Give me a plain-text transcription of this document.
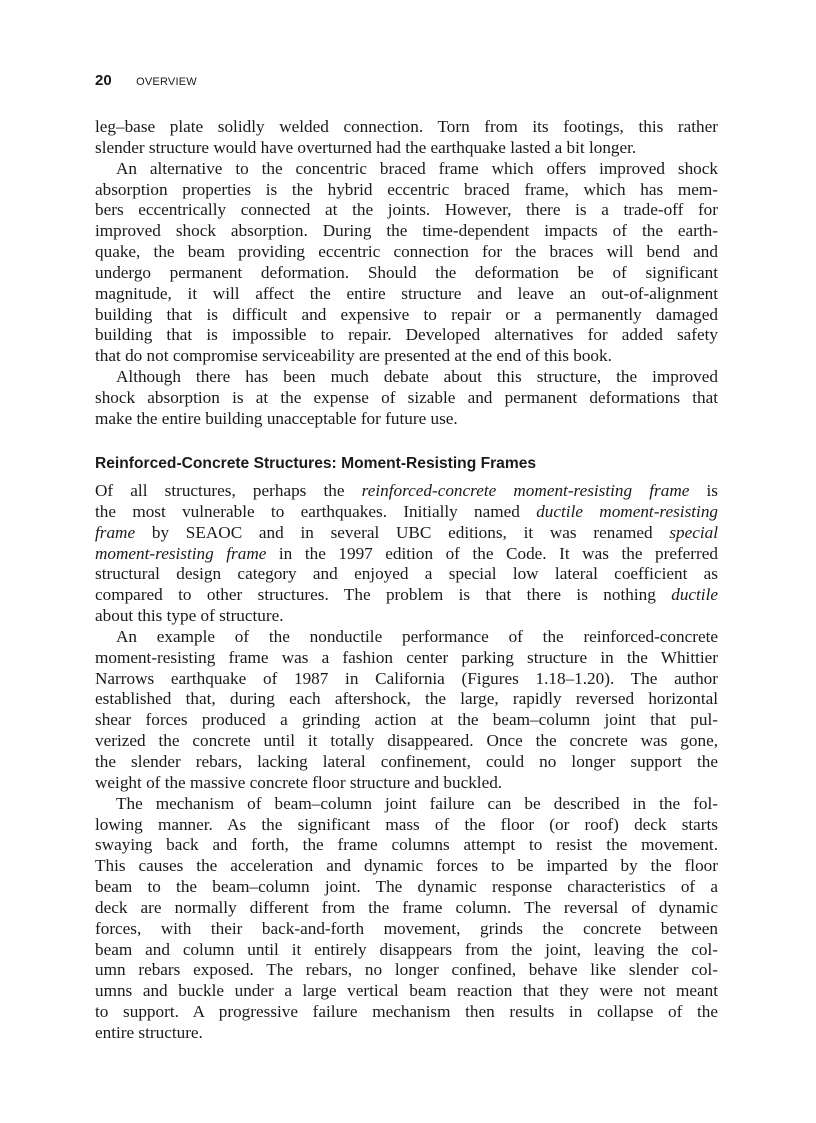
20 OVERVIEW
leg–base plate solidly welded connection. Torn from its footings, this rather
slender structure would have overturned had the earthquake lasted a bit longer.
An alternative to the concentric braced frame which offers improved shock
absorption properties is the hybrid eccentric braced frame, which has mem-
bers eccentrically connected at the joints. However, there is a trade-off for
improved shock absorption. During the time-dependent impacts of the earth-
quake, the beam providing eccentric connection for the braces will bend and
undergo permanent deformation. Should the deformation be of significant
magnitude, it will affect the entire structure and leave an out-of-alignment
building that is difficult and expensive to repair or a permanently damaged
building that is impossible to repair. Developed alternatives for added safety
that do not compromise serviceability are presented at the end of this book.
Although there has been much debate about this structure, the improved
shock absorption is at the expense of sizable and permanent deformations that
make the entire building unacceptable for future use.
Reinforced-Concrete Structures: Moment-Resisting Frames
Of all structures, perhaps the reinforced-concrete moment-resisting frame is
the most vulnerable to earthquakes. Initially named ductile moment-resisting
frame by SEAOC and in several UBC editions, it was renamed special
moment-resisting frame in the 1997 edition of the Code. It was the preferred
structural design category and enjoyed a special low lateral coefficient as
compared to other structures. The problem is that there is nothing ductile
about this type of structure.
An example of the nonductile performance of the reinforced-concrete
moment-resisting frame was a fashion center parking structure in the Whittier
Narrows earthquake of 1987 in California (Figures 1.18–1.20). The author
established that, during each aftershock, the large, rapidly reversed horizontal
shear forces produced a grinding action at the beam–column joint that pul-
verized the concrete until it totally disappeared. Once the concrete was gone,
the slender rebars, lacking lateral confinement, could no longer support the
weight of the massive concrete floor structure and buckled.
The mechanism of beam–column joint failure can be described in the fol-
lowing manner. As the significant mass of the floor (or roof) deck starts
swaying back and forth, the frame columns attempt to resist the movement.
This causes the acceleration and dynamic forces to be imparted by the floor
beam to the beam–column joint. The dynamic response characteristics of a
deck are normally different from the frame column. The reversal of dynamic
forces, with their back-and-forth movement, grinds the concrete between
beam and column until it entirely disappears from the joint, leaving the col-
umn rebars exposed. The rebars, no longer confined, behave like slender col-
umns and buckle under a large vertical beam reaction that they were not meant
to support. A progressive failure mechanism then results in collapse of the
entire structure.
